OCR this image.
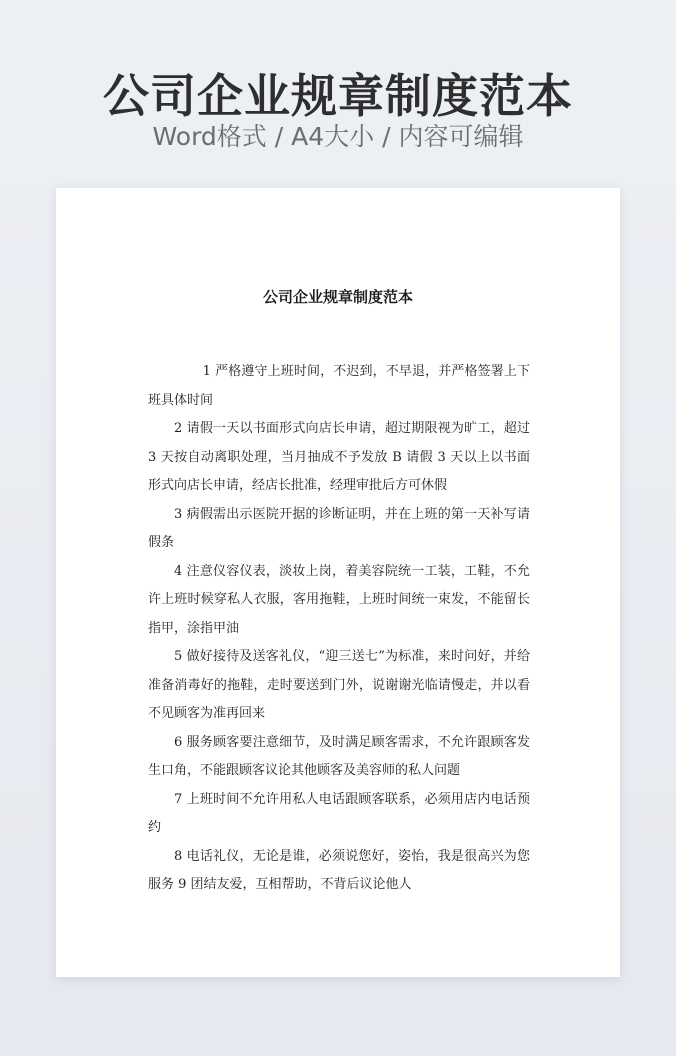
公司企业规章制度范本
Word格式 / A4大小 / 内容可编辑
公司企业规章制度范本

1 严格遵守上班时间，不迟到，不早退，并严格签署上下班具体时间

2 请假一天以书面形式向店长申请，超过期限视为旷工，超过 3 天按自动离职处理，当月抽成不予发放 B 请假 3 天以上以书面形式向店长申请，经店长批准，经理审批后方可休假

3 病假需出示医院开据的诊断证明，并在上班的第一天补写请假条

4 注意仪容仪表，淡妆上岗，着美容院统一工装，工鞋，不允许上班时候穿私人衣服，客用拖鞋，上班时间统一束发，不能留长指甲，涂指甲油

5 做好接待及送客礼仪，“迎三送七”为标准，来时问好，并给准备消毒好的拖鞋，走时要送到门外，说谢谢光临请慢走，并以看不见顾客为准再回来

6 服务顾客要注意细节，及时满足顾客需求，不允许跟顾客发生口角，不能跟顾客议论其他顾客及美容师的私人问题

7 上班时间不允许用私人电话跟顾客联系，必须用店内电话预约

8 电话礼仪，无论是谁，必须说您好，姿怡，我是很高兴为您服务 9 团结友爱，互相帮助，不背后议论他人
